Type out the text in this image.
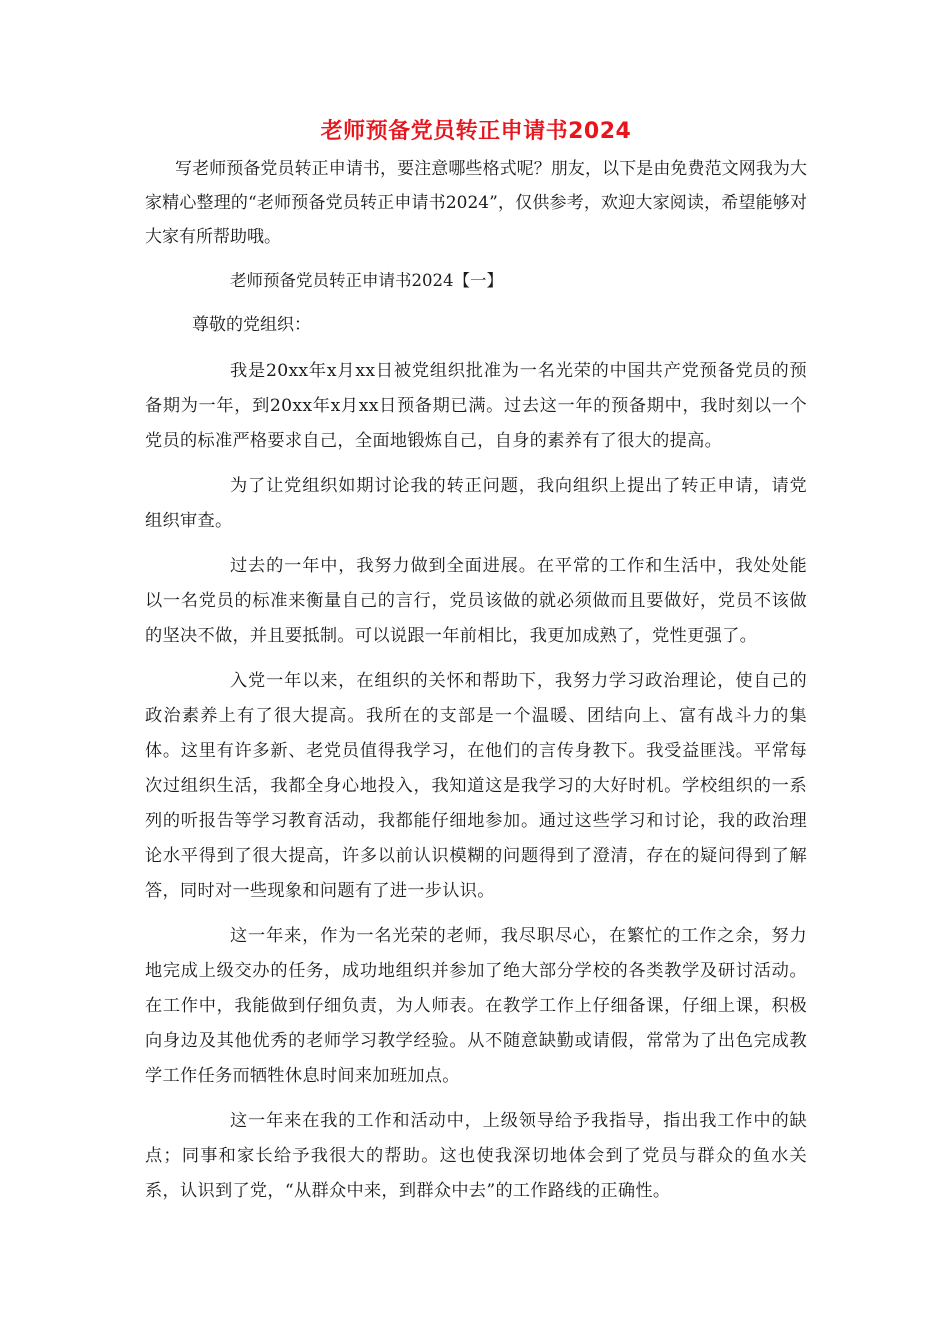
老师预备党员转正申请书2024

写老师预备党员转正申请书，要注意哪些格式呢？朋友，以下是由免费范文网我为大家精心整理的“老师预备党员转正申请书2024”，仅供参考，欢迎大家阅读，希望能够对大家有所帮助哦。

老师预备党员转正申请书2024【一】

尊敬的党组织：

我是20xx年x月xx日被党组织批准为一名光荣的中国共产党预备党员的预备期为一年，到20xx年x月xx日预备期已满。过去这一年的预备期中，我时刻以一个党员的标准严格要求自己，全面地锻炼自己，自身的素养有了很大的提高。

为了让党组织如期讨论我的转正问题，我向组织上提出了转正申请，请党组织审查。

过去的一年中，我努力做到全面进展。在平常的工作和生活中，我处处能以一名党员的标准来衡量自己的言行，党员该做的就必须做而且要做好，党员不该做的坚决不做，并且要抵制。可以说跟一年前相比，我更加成熟了，党性更强了。

入党一年以来，在组织的关怀和帮助下，我努力学习政治理论，使自己的政治素养上有了很大提高。我所在的支部是一个温暖、团结向上、富有战斗力的集体。这里有许多新、老党员值得我学习，在他们的言传身教下。我受益匪浅。平常每次过组织生活，我都全身心地投入，我知道这是我学习的大好时机。学校组织的一系列的听报告等学习教育活动，我都能仔细地参加。通过这些学习和讨论，我的政治理论水平得到了很大提高，许多以前认识模糊的问题得到了澄清，存在的疑问得到了解答，同时对一些现象和问题有了进一步认识。

这一年来，作为一名光荣的老师，我尽职尽心，在繁忙的工作之余，努力地完成上级交办的任务，成功地组织并参加了绝大部分学校的各类教学及研讨活动。在工作中，我能做到仔细负责，为人师表。在教学工作上仔细备课，仔细上课，积极向身边及其他优秀的老师学习教学经验。从不随意缺勤或请假，常常为了出色完成教学工作任务而牺牲休息时间来加班加点。

这一年来在我的工作和活动中，上级领导给予我指导，指出我工作中的缺点；同事和家长给予我很大的帮助。这也使我深切地体会到了党员与群众的鱼水关系，认识到了党，“从群众中来，到群众中去”的工作路线的正确性。
